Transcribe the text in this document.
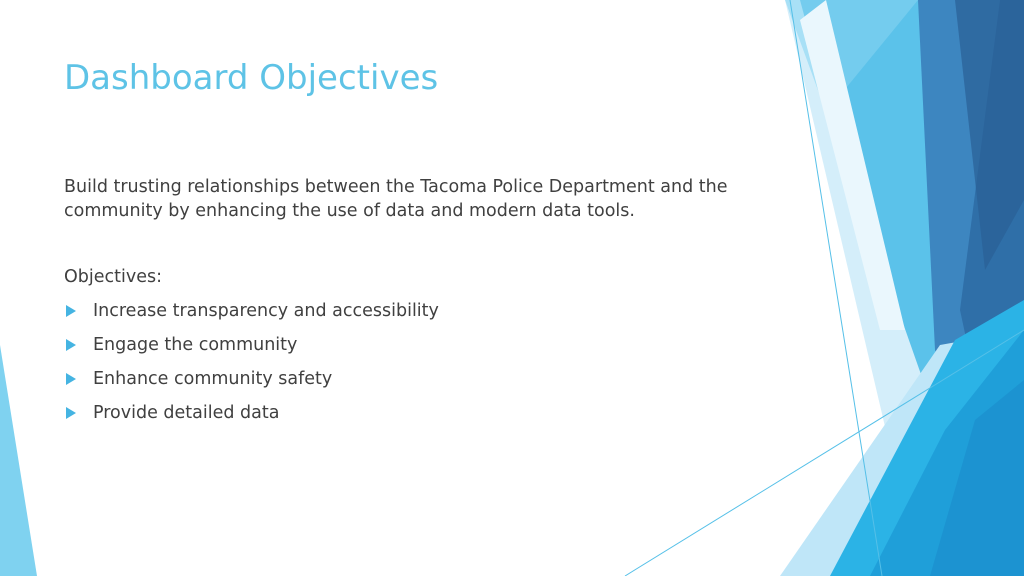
Dashboard Objectives

Build trusting relationships between the Tacoma Police Department and the community by enhancing the use of data and modern data tools.

Objectives:

Increase transparency and accessibility
Engage the community
Enhance community safety
Provide detailed data
